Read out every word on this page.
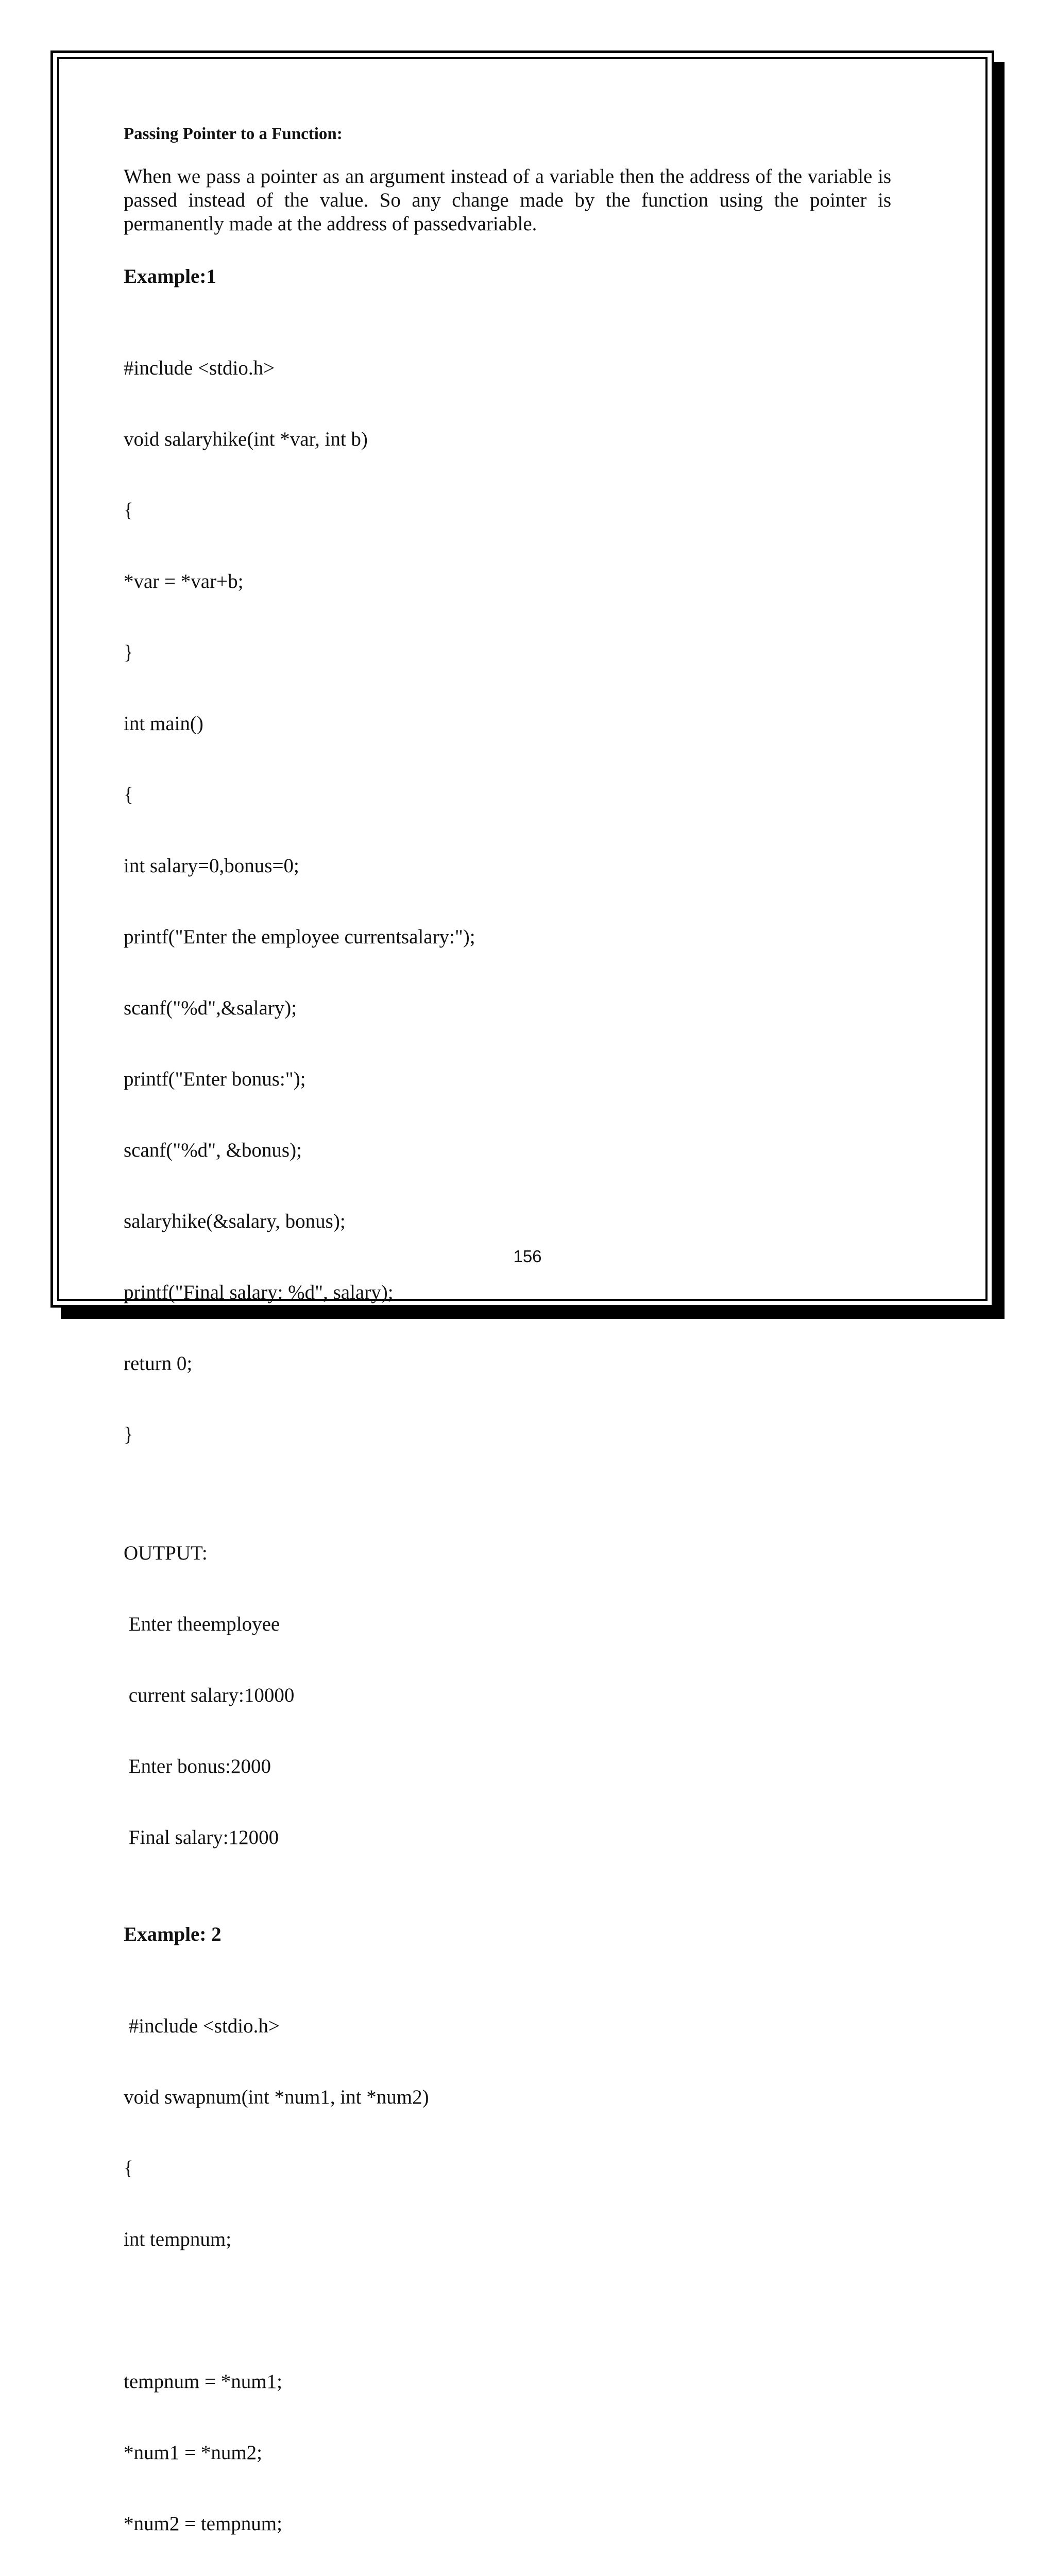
Passing Pointer to a Function:
When we pass a pointer as an argument instead of a variable then the address of the variable is passed instead of the value. So any change made by the function using the pointer is permanently made at the address of passedvariable.
Example:1

#include <stdio.h>

void salaryhike(int *var, int b)

{

*var = *var+b;

}

int main()

{

int salary=0,bonus=0;

printf("Enter the employee currentsalary:");

scanf("%d",&salary);

printf("Enter bonus:");

scanf("%d", &bonus);

salaryhike(&salary, bonus);

printf("Final salary: %d", salary);

return 0;

}

OUTPUT:

Enter theemployee

current salary:10000

Enter bonus:2000

Final salary:12000

Example: 2

#include <stdio.h>

void swapnum(int *num1, int *num2)

{

int tempnum;

tempnum = *num1;

*num1 = *num2;

*num2 = tempnum;

156
